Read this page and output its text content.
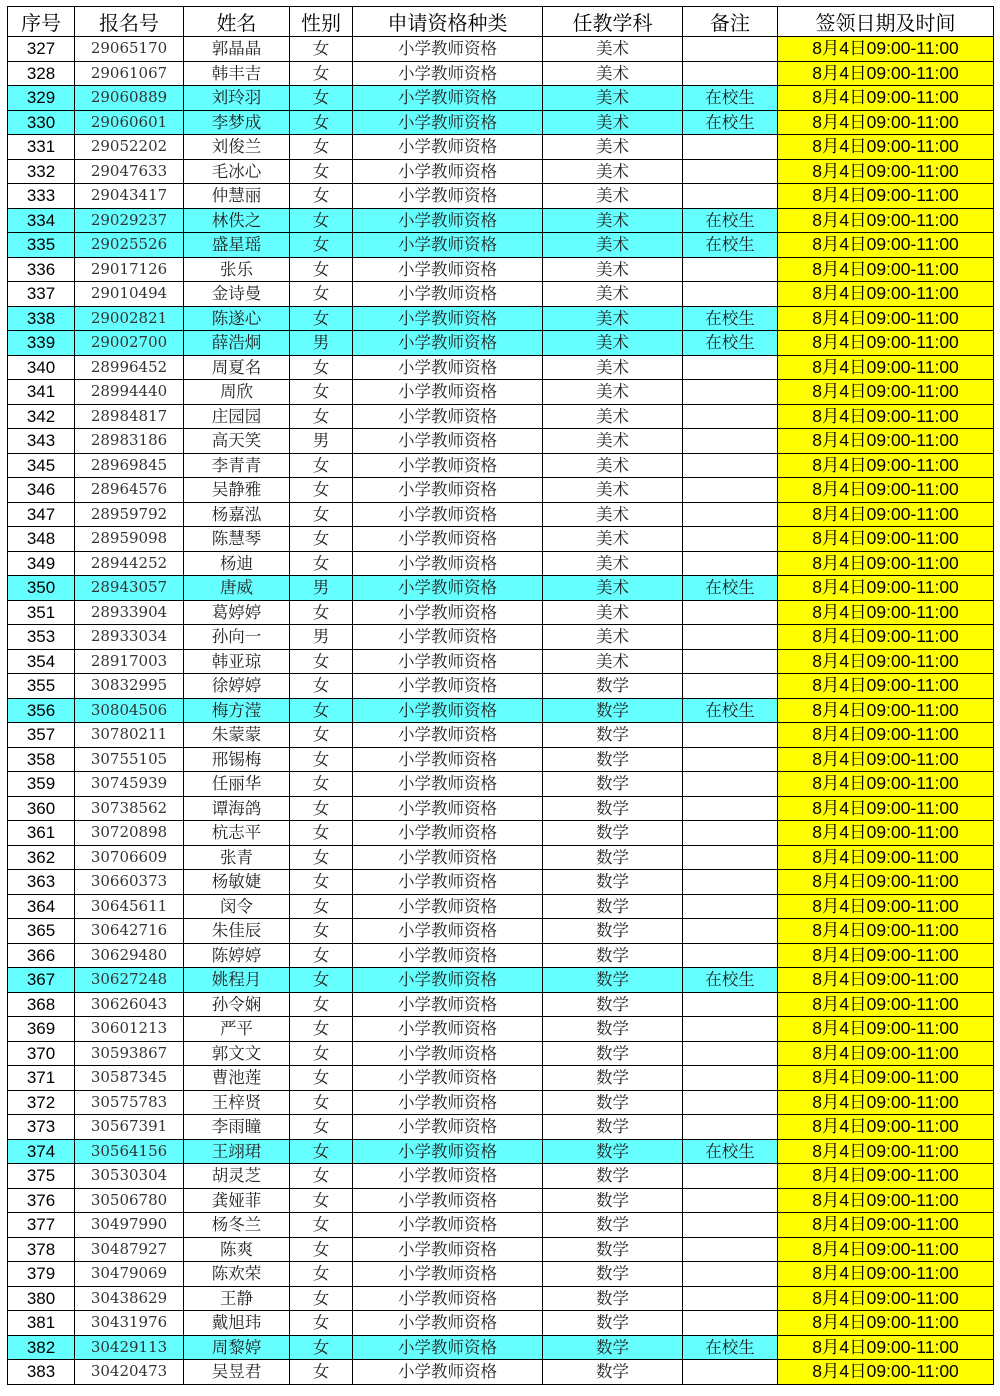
序号	报名号	姓名	性别	申请资格种类	任教学科	备注	签领日期及时间
327	29065170	郭晶晶	女	小学教师资格	美术		8月4日09:00-11:00
328	29061067	韩丰吉	女	小学教师资格	美术		8月4日09:00-11:00
329	29060889	刘玲羽	女	小学教师资格	美术	在校生	8月4日09:00-11:00
330	29060601	李梦成	女	小学教师资格	美术	在校生	8月4日09:00-11:00
331	29052202	刘俊兰	女	小学教师资格	美术		8月4日09:00-11:00
332	29047633	毛冰心	女	小学教师资格	美术		8月4日09:00-11:00
333	29043417	仲慧丽	女	小学教师资格	美术		8月4日09:00-11:00
334	29029237	林佚之	女	小学教师资格	美术	在校生	8月4日09:00-11:00
335	29025526	盛星瑶	女	小学教师资格	美术	在校生	8月4日09:00-11:00
336	29017126	张乐	女	小学教师资格	美术		8月4日09:00-11:00
337	29010494	金诗曼	女	小学教师资格	美术		8月4日09:00-11:00
338	29002821	陈遂心	女	小学教师资格	美术	在校生	8月4日09:00-11:00
339	29002700	薛浩炯	男	小学教师资格	美术	在校生	8月4日09:00-11:00
340	28996452	周夏名	女	小学教师资格	美术		8月4日09:00-11:00
341	28994440	周欣	女	小学教师资格	美术		8月4日09:00-11:00
342	28984817	庄园园	女	小学教师资格	美术		8月4日09:00-11:00
343	28983186	高天笑	男	小学教师资格	美术		8月4日09:00-11:00
345	28969845	李青青	女	小学教师资格	美术		8月4日09:00-11:00
346	28964576	吴静雅	女	小学教师资格	美术		8月4日09:00-11:00
347	28959792	杨嘉泓	女	小学教师资格	美术		8月4日09:00-11:00
348	28959098	陈慧琴	女	小学教师资格	美术		8月4日09:00-11:00
349	28944252	杨迪	女	小学教师资格	美术		8月4日09:00-11:00
350	28943057	唐威	男	小学教师资格	美术	在校生	8月4日09:00-11:00
351	28933904	葛婷婷	女	小学教师资格	美术		8月4日09:00-11:00
353	28933034	孙向一	男	小学教师资格	美术		8月4日09:00-11:00
354	28917003	韩亚琼	女	小学教师资格	美术		8月4日09:00-11:00
355	30832995	徐婷婷	女	小学教师资格	数学		8月4日09:00-11:00
356	30804506	梅方滢	女	小学教师资格	数学	在校生	8月4日09:00-11:00
357	30780211	朱蒙蒙	女	小学教师资格	数学		8月4日09:00-11:00
358	30755105	邢锡梅	女	小学教师资格	数学		8月4日09:00-11:00
359	30745939	任丽华	女	小学教师资格	数学		8月4日09:00-11:00
360	30738562	谭海鸽	女	小学教师资格	数学		8月4日09:00-11:00
361	30720898	杭志平	女	小学教师资格	数学		8月4日09:00-11:00
362	30706609	张青	女	小学教师资格	数学		8月4日09:00-11:00
363	30660373	杨敏婕	女	小学教师资格	数学		8月4日09:00-11:00
364	30645611	闵令	女	小学教师资格	数学		8月4日09:00-11:00
365	30642716	朱佳辰	女	小学教师资格	数学		8月4日09:00-11:00
366	30629480	陈婷婷	女	小学教师资格	数学		8月4日09:00-11:00
367	30627248	姚程月	女	小学教师资格	数学	在校生	8月4日09:00-11:00
368	30626043	孙令娴	女	小学教师资格	数学		8月4日09:00-11:00
369	30601213	严平	女	小学教师资格	数学		8月4日09:00-11:00
370	30593867	郭文文	女	小学教师资格	数学		8月4日09:00-11:00
371	30587345	曹池莲	女	小学教师资格	数学		8月4日09:00-11:00
372	30575783	王梓贤	女	小学教师资格	数学		8月4日09:00-11:00
373	30567391	李雨瞳	女	小学教师资格	数学		8月4日09:00-11:00
374	30564156	王翊珺	女	小学教师资格	数学	在校生	8月4日09:00-11:00
375	30530304	胡灵芝	女	小学教师资格	数学		8月4日09:00-11:00
376	30506780	龚娅菲	女	小学教师资格	数学		8月4日09:00-11:00
377	30497990	杨冬兰	女	小学教师资格	数学		8月4日09:00-11:00
378	30487927	陈爽	女	小学教师资格	数学		8月4日09:00-11:00
379	30479069	陈欢荣	女	小学教师资格	数学		8月4日09:00-11:00
380	30438629	王静	女	小学教师资格	数学		8月4日09:00-11:00
381	30431976	戴旭玮	女	小学教师资格	数学		8月4日09:00-11:00
382	30429113	周黎婷	女	小学教师资格	数学	在校生	8月4日09:00-11:00
383	30420473	吴昱君	女	小学教师资格	数学		8月4日09:00-11:00
